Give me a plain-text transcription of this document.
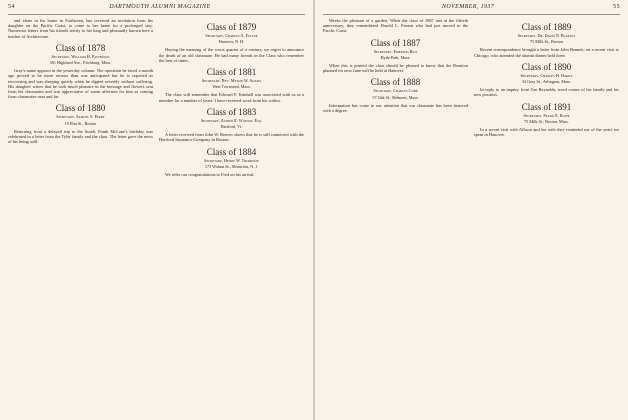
54	DARTMOUTH ALUMNI MAGAZINE

and alone in his home in Fairhaven, has received an invitation from his daughter on the Pacific Coast, to come to her home for a prolonged stay. Numerous letters from his friends testify to his long and pleasantly known here a teacher of Architecture.

Class of 1878
Secretary, William H. Patterson
301 Highland Ave., Fitchburg, Mass.

Gray's name appears in the yesterday column. The operation he faced a month ago proved to be more serious than was anticipated but he is reported as recovering and was sleeping quietly when he dipped severely without suffering. His daughter writes that he took much pleasure in the message and flowers sent from his classmates and was appreciative of warm affection for him as coming from classmates near and far.

Class of 1880
Secretary, Samuel S. Perry
19 Elm St., Boston

Returning from a delayed trip to the South, Frank McLane's birthday was celebrated in a letter from the Tyler family and the class. The letter gave the news of his being well.

Class of 1879
Secretary, Charles A. Fuller
Hanover, N. H.

Haying the meaning of the worst quarter of a century, we regret to announce the death of an old classmate. He had many friends in the Class who remember the best of times.

Class of 1881
Secretary, Rev. Myron W. Adams
West Townsend, Mass.

The class will remember that Edward F. Kimball was associated with us as a member for a number of years. I have received word from his widow.

Class of 1883
Secretary, Alfred E. Watson, Esq.
Hartford, Vt.

A letter received from John W. Reaves shows that he is still connected with the Hartford Insurance Company in Boston.

Class of 1884
Secretary, Henry W. Thompson
173 Walnut St., Montclair, N. J.

We offer our congratulations to Fred on his arrival.

NOVEMBER, 1937	55

Weeks the pleasure of a garden. When the class of 1887 met at the fiftieth anniversary, they remembered Harold L. Fenton who had just moved to the Pacific Coast.

Class of 1887
Secretary, Emerson Rice
Hyde Park, Mass.

When this is printed the class should be pleased to know that the Reunion planned for next June will be held at Hanover.

Class of 1888
Secretary, Charles Cobb
57 Oak St., Belmont, Mass.

Information has come to our attention that our classmate has been honored with a degree.

Class of 1889
Secretary, Dr. David N. Blakely
75 Milk St., Boston

Recent correspondence brought a letter from John Bennett, on a recent visit to Chicago, who attended the alumni dinner held there.

Class of 1890
Secretary, Charles H. Hardy
34 Gray St., Arlington, Mass.

In reply to an inquiry from Jim Reynolds, word comes of his family and his new position.

Class of 1891
Secretary, Frank E. Rowe
75 Milk St., Boston, Mass.

In a recent visit with Allison and his wife they reminded me of the years we spent in Hanover.
